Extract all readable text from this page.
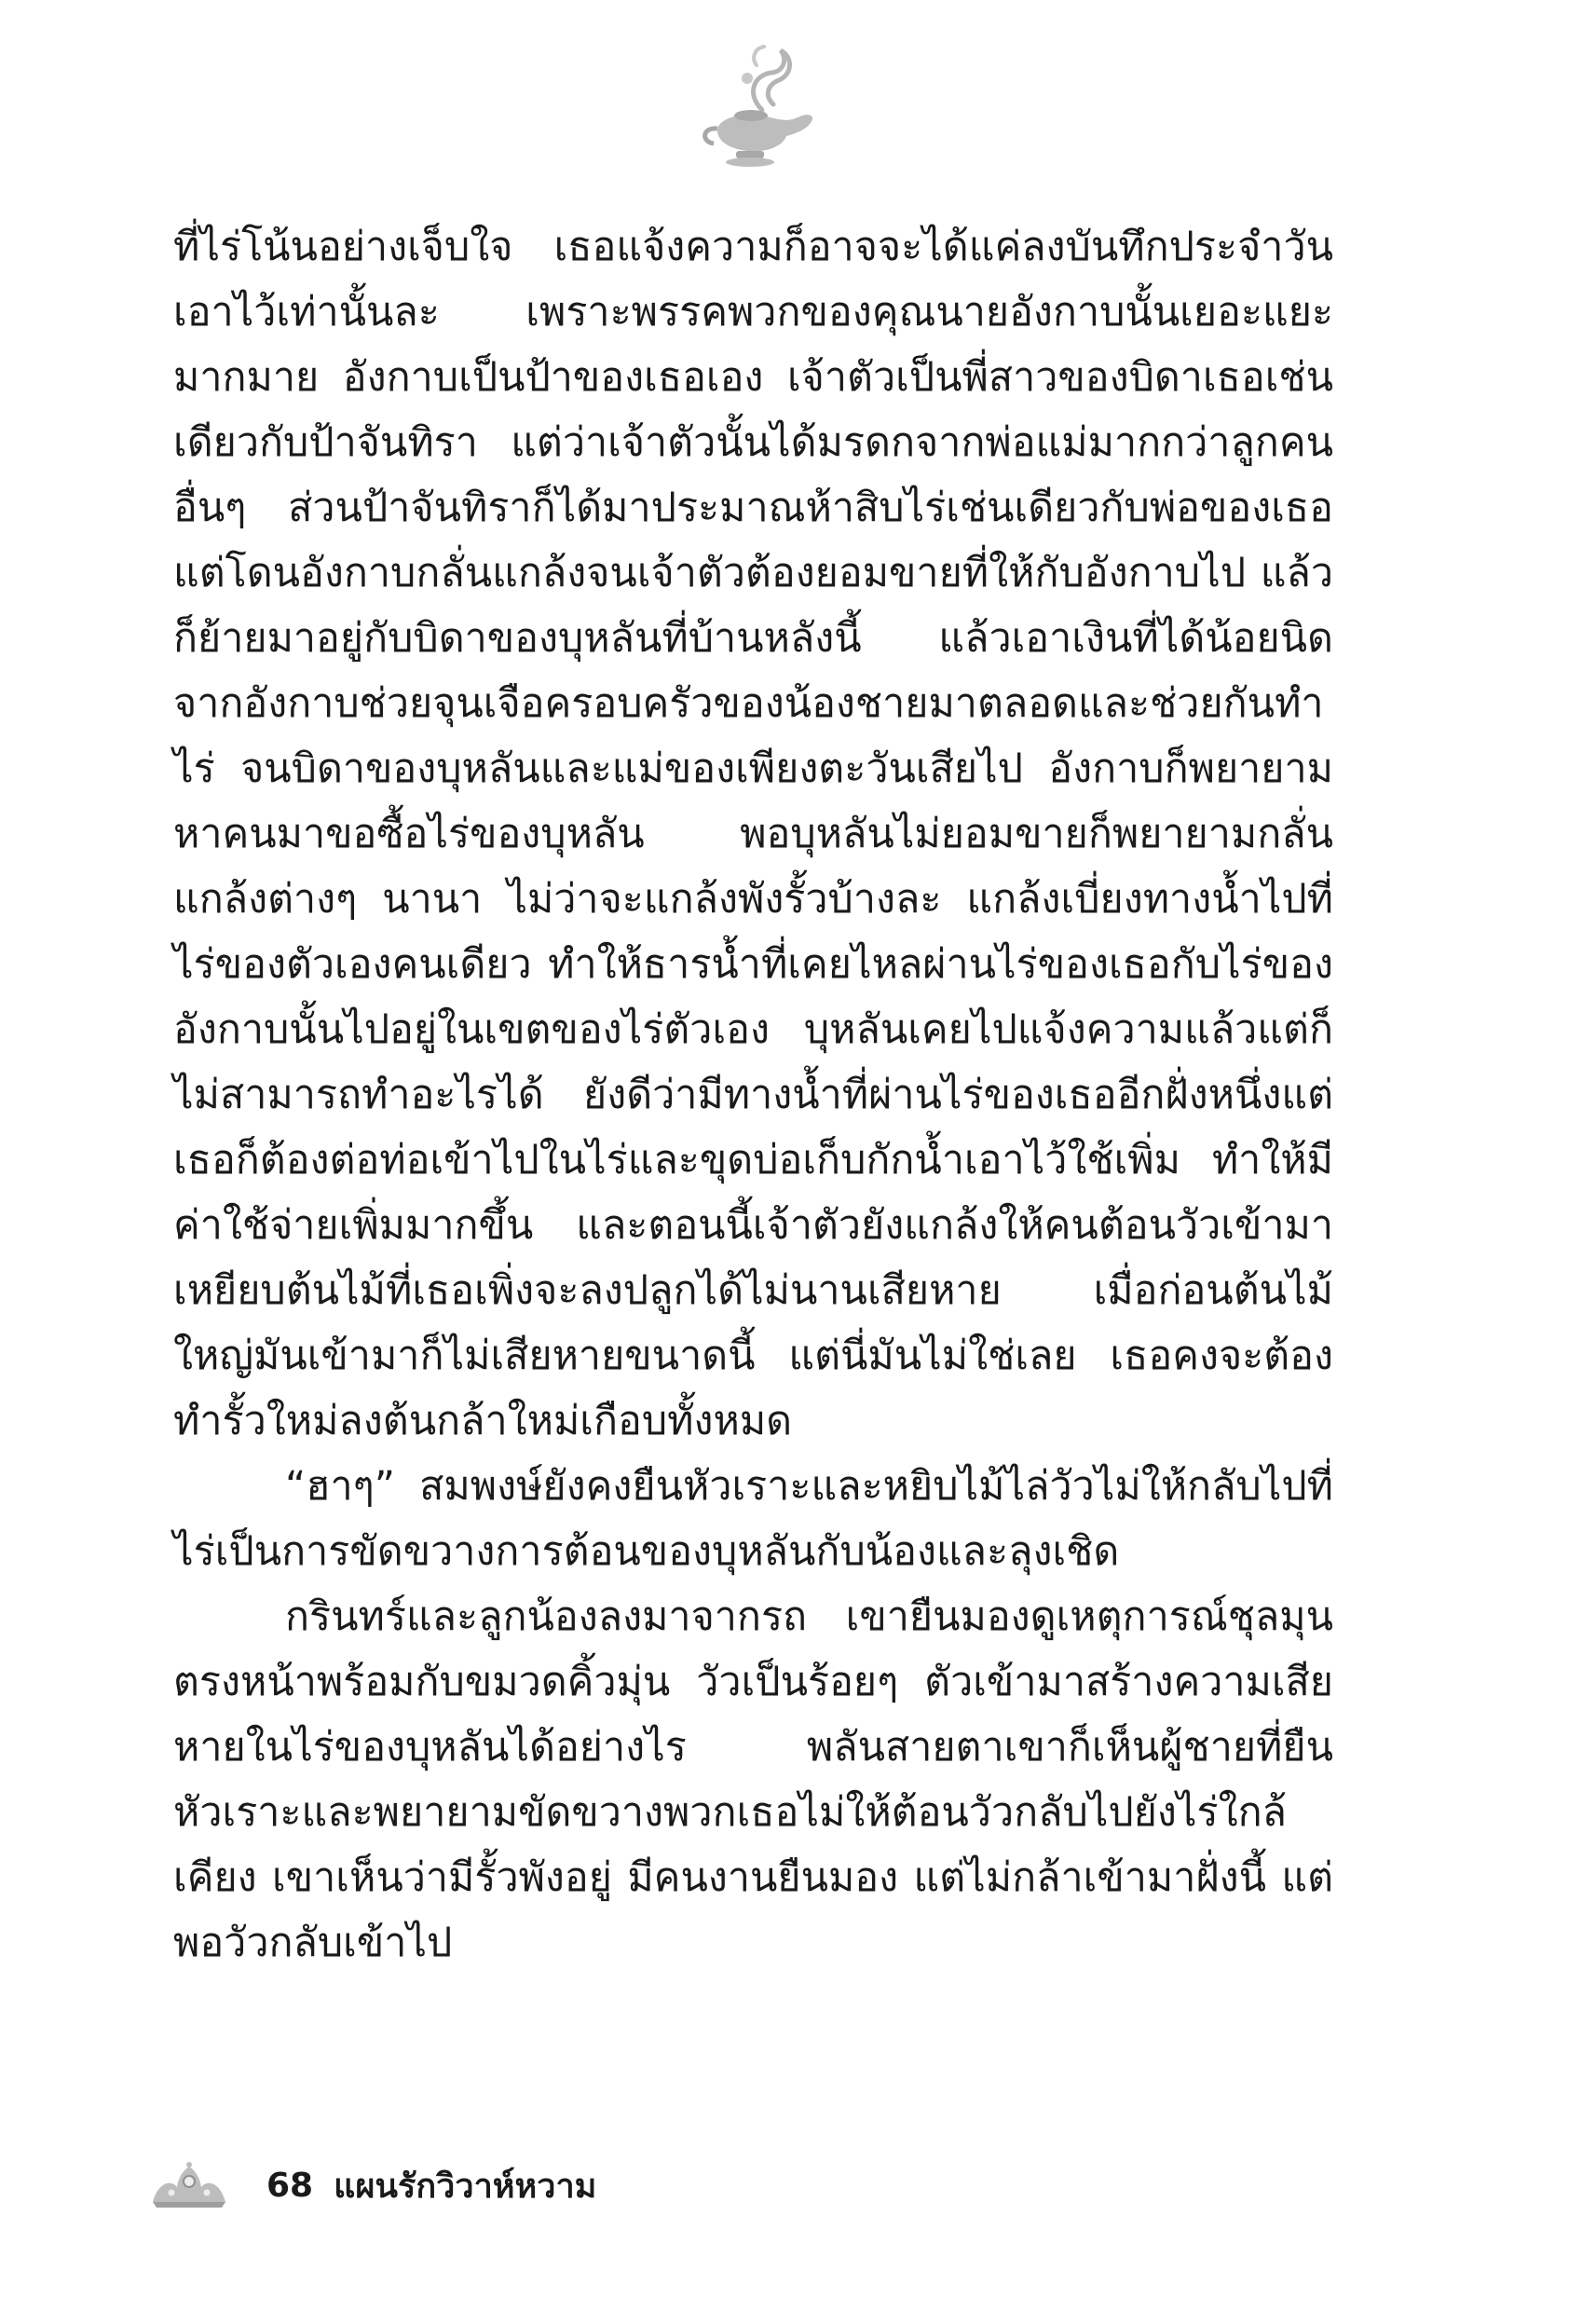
ที่ไร่โน้นอย่างเจ็บใจ เธอแจ้งความก็อาจจะได้แค่ลงบันทึกประจำวันเอาไว้เท่านั้นละ เพราะพรรคพวกของคุณนายอังกาบนั้นเยอะแยะมากมาย อังกาบเป็นป้าของเธอเอง เจ้าตัวเป็นพี่สาวของบิดาเธอเช่นเดียวกับป้าจันทิรา แต่ว่าเจ้าตัวนั้นได้มรดกจากพ่อแม่มากกว่าลูกคนอื่นๆ ส่วนป้าจันทิราก็ได้มาประมาณห้าสิบไร่เช่นเดียวกับพ่อของเธอ แต่โดนอังกาบกลั่นแกล้งจนเจ้าตัวต้องยอมขายที่ให้กับอังกาบไป แล้วก็ย้ายมาอยู่กับบิดาของบุหลันที่บ้านหลังนี้ แล้วเอาเงินที่ได้น้อยนิดจากอังกาบช่วยจุนเจือครอบครัวของน้องชายมาตลอดและช่วยกันทำไร่ จนบิดาของบุหลันและแม่ของเพียงตะวันเสียไป อังกาบก็พยายามหาคนมาขอซื้อไร่ของบุหลัน พอบุหลันไม่ยอมขายก็พยายามกลั่นแกล้งต่างๆ นานา ไม่ว่าจะแกล้งพังรั้วบ้างละ แกล้งเบี่ยงทางน้ำไปที่ไร่ของตัวเองคนเดียว ทำให้ธารน้ำที่เคยไหลผ่านไร่ของเธอกับไร่ของอังกาบนั้นไปอยู่ในเขตของไร่ตัวเอง บุหลันเคยไปแจ้งความแล้วแต่ก็ไม่สามารถทำอะไรได้ ยังดีว่ามีทางน้ำที่ผ่านไร่ของเธออีกฝั่งหนึ่งแต่เธอก็ต้องต่อท่อเข้าไปในไร่และขุดบ่อเก็บกักน้ำเอาไว้ใช้เพิ่ม ทำให้มีค่าใช้จ่ายเพิ่มมากขึ้น และตอนนี้เจ้าตัวยังแกล้งให้คนต้อนวัวเข้ามาเหยียบต้นไม้ที่เธอเพิ่งจะลงปลูกได้ไม่นานเสียหาย เมื่อก่อนต้นไม้ใหญ่มันเข้ามาก็ไม่เสียหายขนาดนี้ แต่นี่มันไม่ใช่เลย เธอคงจะต้องทำรั้วใหม่ลงต้นกล้าใหม่เกือบทั้งหมด

“ฮาๆ” สมพงษ์ยังคงยืนหัวเราะและหยิบไม้ไล่วัวไม่ให้กลับไปที่ไร่เป็นการขัดขวางการต้อนของบุหลันกับน้องและลุงเชิด

กรินทร์และลูกน้องลงมาจากรถ เขายืนมองดูเหตุการณ์ชุลมุนตรงหน้าพร้อมกับขมวดคิ้วมุ่น วัวเป็นร้อยๆ ตัวเข้ามาสร้างความเสียหายในไร่ของบุหลันได้อย่างไร พลันสายตาเขาก็เห็นผู้ชายที่ยืนหัวเราะและพยายามขัดขวางพวกเธอไม่ให้ต้อนวัวกลับไปยังไร่ใกล้เคียง เขาเห็นว่ามีรั้วพังอยู่ มีคนงานยืนมอง แต่ไม่กล้าเข้ามาฝั่งนี้ แต่พอวัวกลับเข้าไป

68 แผนรักวิวาห์หวาม
